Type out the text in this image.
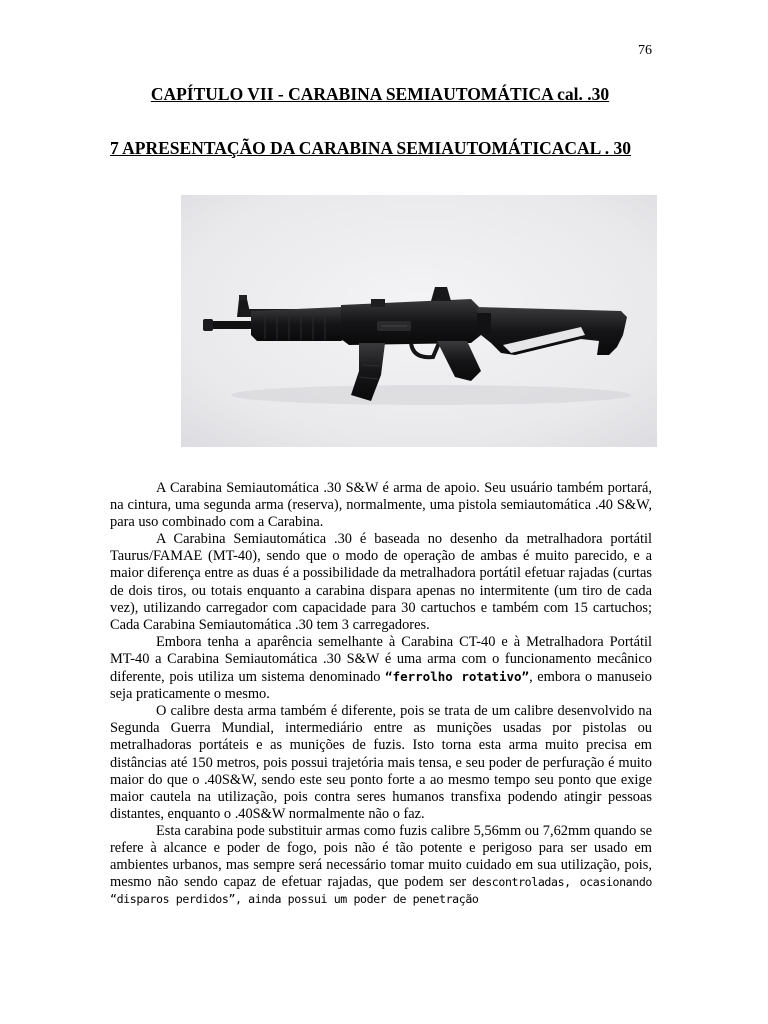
76
CAPÍTULO VII - CARABINA SEMIAUTOMÁTICA cal. .30
7 APRESENTAÇÃO DA CARABINA SEMIAUTOMÁTICACAL . 30

A Carabina Semiautomática .30 S&W é arma de apoio. Seu usuário também portará, na cintura, uma segunda arma (reserva), normalmente, uma pistola semiautomática .40 S&W, para uso combinado com a Carabina.

A Carabina Semiautomática .30 é baseada no desenho da metralhadora portátil Taurus/FAMAE (MT-40), sendo que o modo de operação de ambas é muito parecido, e a maior diferença entre as duas é a possibilidade da metralhadora portátil efetuar rajadas (curtas de dois tiros, ou totais enquanto a carabina dispara apenas no intermitente (um tiro de cada vez), utilizando carregador com capacidade para 30 cartuchos e também com 15 cartuchos; Cada Carabina Semiautomática .30 tem 3 carregadores.

Embora tenha a aparência semelhante à Carabina CT-40 e à Metralhadora Portátil MT-40 a Carabina Semiautomática .30 S&W é uma arma com o funcionamento mecânico diferente, pois utiliza um sistema denominado “ferrolho rotativo”, embora o manuseio seja praticamente o mesmo.

O calibre desta arma também é diferente, pois se trata de um calibre desenvolvido na Segunda Guerra Mundial, intermediário entre as munições usadas por pistolas ou metralhadoras portáteis e as munições de fuzis. Isto torna esta arma muito precisa em distâncias até 150 metros, pois possui trajetória mais tensa, e seu poder de perfuração é muito maior do que o .40S&W, sendo este seu ponto forte a ao mesmo tempo seu ponto que exige maior cautela na utilização, pois contra seres humanos transfixa podendo atingir pessoas distantes, enquanto o .40S&W normalmente não o faz.

Esta carabina pode substituir armas como fuzis calibre 5,56mm ou 7,62mm quando se refere à alcance e poder de fogo, pois não é tão potente e perigoso para ser usado em ambientes urbanos, mas sempre será necessário tomar muito cuidado em sua utilização, pois, mesmo não sendo capaz de efetuar rajadas, que podem ser descontroladas, ocasionando “disparos perdidos”, ainda possui um poder de penetração
